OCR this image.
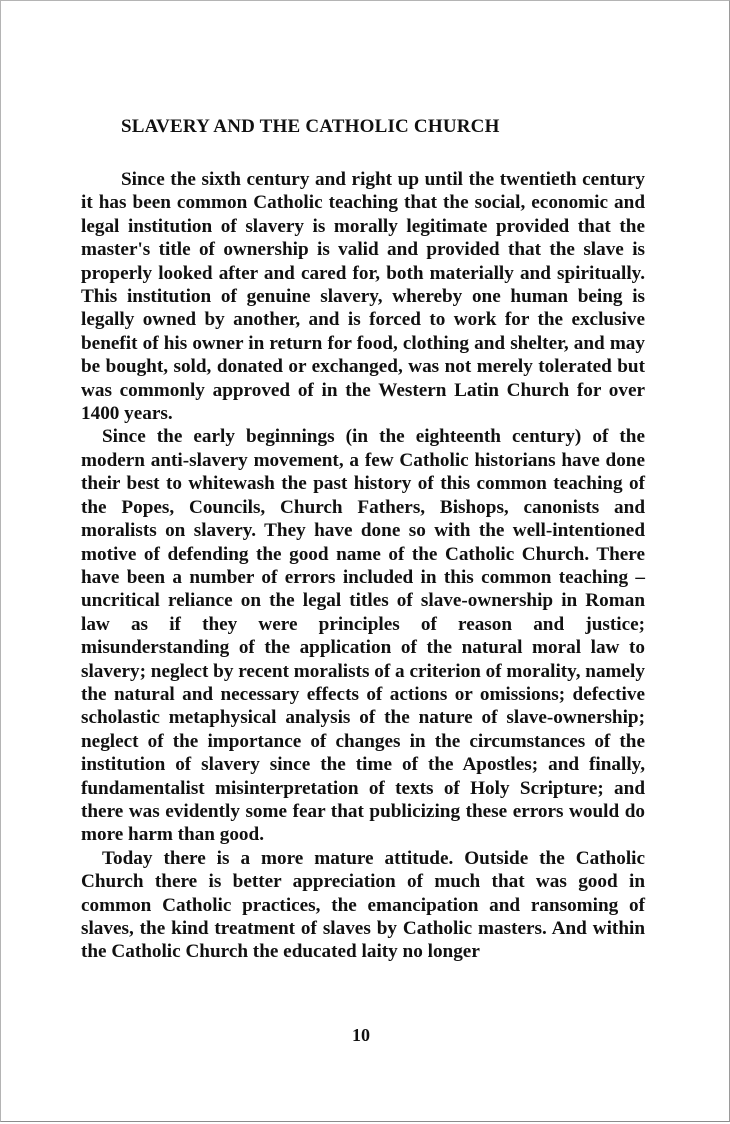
SLAVERY AND THE CATHOLIC CHURCH

Since the sixth century and right up until the twentieth century it has been common Catholic teaching that the social, economic and legal institution of slavery is morally legitimate provided that the master's title of ownership is valid and provided that the slave is properly looked after and cared for, both materially and spiritually. This institution of genuine slavery, whereby one human being is legally owned by another, and is forced to work for the exclusive benefit of his owner in return for food, clothing and shelter, and may be bought, sold, donated or exchanged, was not merely tolerated but was commonly approved of in the Western Latin Church for over 1400 years.

Since the early beginnings (in the eighteenth century) of the modern anti-slavery movement, a few Catholic historians have done their best to whitewash the past history of this common teaching of the Popes, Councils, Church Fathers, Bishops, canonists and moralists on slavery. They have done so with the well-intentioned motive of defending the good name of the Catholic Church. There have been a number of errors included in this common teaching – uncritical reliance on the legal titles of slave-ownership in Roman law as if they were principles of reason and justice; misunderstanding of the application of the natural moral law to slavery; neglect by recent moralists of a criterion of morality, namely the natural and necessary effects of actions or omissions; defective scholastic metaphysical analysis of the nature of slave-ownership; neglect of the importance of changes in the circumstances of the institution of slavery since the time of the Apostles; and finally, fundamentalist misinterpretation of texts of Holy Scripture; and there was evidently some fear that publicizing these errors would do more harm than good.

Today there is a more mature attitude. Outside the Catholic Church there is better appreciation of much that was good in common Catholic practices, the emancipation and ransoming of slaves, the kind treatment of slaves by Catholic masters. And within the Catholic Church the educated laity no longer

10
